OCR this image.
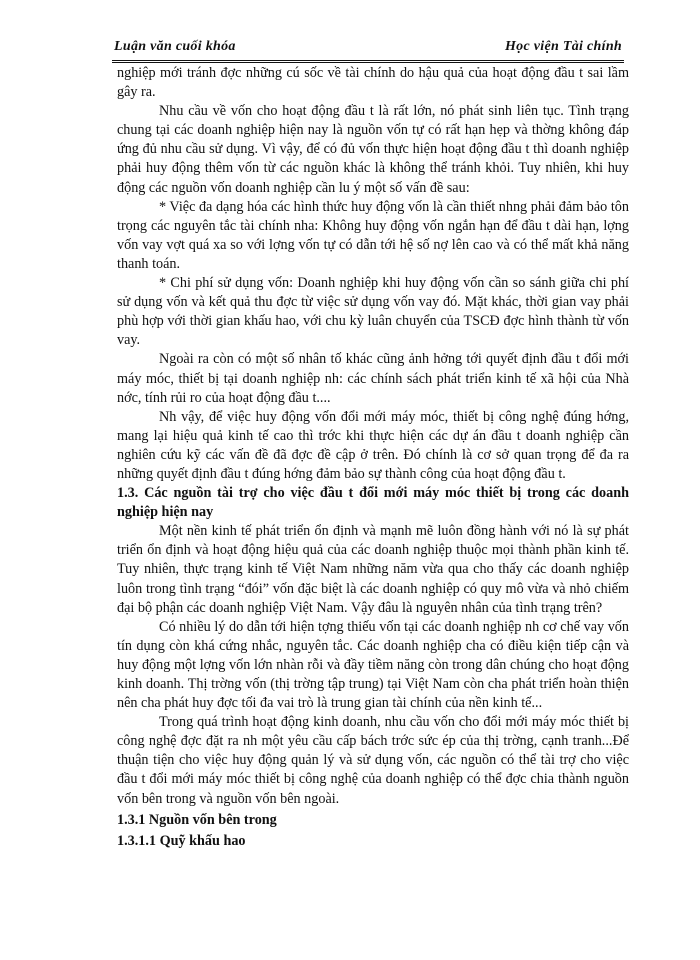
Luận văn cuối khóa	Học viện Tài chính

nghiệp mới tránh đợc những cú sốc về tài chính do hậu quả của hoạt động đầu t sai lầm gây ra.

Nhu cầu về vốn cho hoạt động đầu t là rất lớn, nó phát sinh liên tục. Tình trạng chung tại các doanh nghiệp hiện nay là nguồn vốn tự có rất hạn hẹp và thờng không đáp ứng đủ nhu cầu sử dụng. Vì vậy, để có đủ vốn thực hiện hoạt động đầu t thì doanh nghiệp phải huy động thêm vốn từ các nguồn khác là không thể tránh khỏi. Tuy nhiên, khi huy động các nguồn vốn doanh nghiệp cần lu ý một số vấn đề sau:

* Việc đa dạng hóa các hình thức huy động vốn là cần thiết nhng phải đảm bảo tôn trọng các nguyên tắc tài chính nha: Không huy động vốn ngắn hạn để đầu t dài hạn, lợng vốn vay vợt quá xa so với lợng vốn tự có dẫn tới hệ số nợ lên cao và có thể mất khả năng thanh toán.

* Chi phí sử dụng vốn: Doanh nghiệp khi huy động vốn cần so sánh giữa chi phí sử dụng vốn và kết quả thu đợc từ việc sử dụng vốn vay đó. Mặt khác, thời gian vay phải phù hợp với thời gian khấu hao, với chu kỳ luân chuyển của TSCĐ đợc hình thành từ vốn vay.

Ngoài ra còn có một số nhân tố khác cũng ảnh hởng tới quyết định đầu t đổi mới máy móc, thiết bị tại doanh nghiệp nh: các chính sách phát triển kinh tế xã hội của Nhà nớc, tính rủi ro của hoạt động đầu t....

Nh vậy, để việc huy động vốn đổi mới máy móc, thiết bị công nghệ đúng hớng, mang lại hiệu quả kinh tế cao thì trớc khi thực hiện các dự án đầu t doanh nghiệp cần nghiên cứu kỹ các vấn đề đã đợc đề cập ở trên. Đó chính là cơ sở quan trọng để đa ra những quyết định đầu t đúng hớng đảm bảo sự thành công của hoạt động đầu t.

1.3. Các nguồn tài trợ cho việc đầu t đổi mới máy móc thiết bị trong các doanh nghiệp hiện nay

Một nền kinh tế phát triển ổn định và mạnh mẽ luôn đồng hành với nó là sự phát triển ổn định và hoạt động hiệu quả của các doanh nghiệp thuộc mọi thành phần kinh tế. Tuy nhiên, thực trạng kinh tế Việt Nam những năm vừa qua cho thấy các doanh nghiệp luôn trong tình trạng “đói” vốn đặc biệt là các doanh nghiệp có quy mô vừa và nhỏ chiếm đại bộ phận các doanh nghiệp Việt Nam. Vậy đâu là nguyên nhân của tình trạng trên?

Có nhiều lý do dẫn tới hiện tợng thiếu vốn tại các doanh nghiệp nh cơ chế vay vốn tín dụng còn khá cứng nhắc, nguyên tắc. Các doanh nghiệp cha có điều kiện tiếp cận và huy động một lợng vốn lớn nhàn rỗi và đầy tiềm năng còn trong dân chúng cho hoạt động kinh doanh. Thị trờng vốn (thị trờng tập trung) tại Việt Nam còn cha phát triển hoàn thiện nên cha phát huy đợc tối đa vai trò là trung gian tài chính của nền kinh tế...

Trong quá trình hoạt động kinh doanh, nhu cầu vốn cho đổi mới máy móc thiết bị công nghệ đợc đặt ra nh một yêu cầu cấp bách trớc sức ép của thị trờng, cạnh tranh...Để thuận tiện cho việc huy động quản lý và sử dụng vốn, các nguồn có thể tài trợ cho việc đầu t đổi mới máy móc thiết bị công nghệ của doanh nghiệp có thể đợc chia thành nguồn vốn bên trong và nguồn vốn bên ngoài.

1.3.1 Nguồn vốn bên trong

1.3.1.1 Quỹ khấu hao
